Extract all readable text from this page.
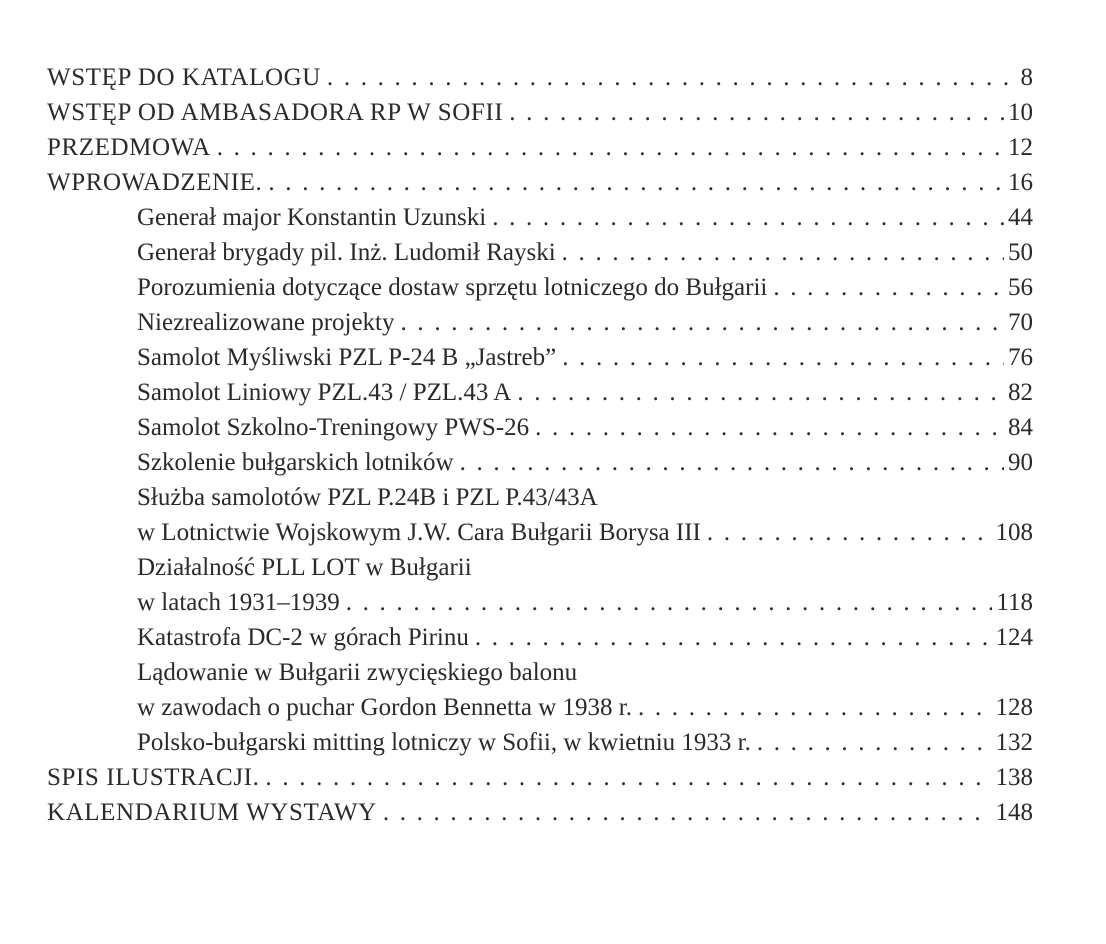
WSTĘP DO KATALOGU . . .	8
WSTĘP OD AMBASADORA RP W SOFII . . .	10
PRZEDMOWA . . .	12
WPROWADZENIE. . . .	16
Generał major Konstantin Uzunski . . .	44
Generał brygady pil. Inż. Ludomił Rayski . . .	50
Porozumienia dotyczące dostaw sprzętu lotniczego do Bułgarii . . .	56
Niezrealizowane projekty . . .	70
Samolot Myśliwski PZL P-24 B „Jastreb” . . .	76
Samolot Liniowy PZL.43 / PZL.43 A . . .	82
Samolot Szkolno-Treningowy PWS-26 . . .	84
Szkolenie bułgarskich lotników . . .	90
Służba samolotów PZL P.24B i PZL P.43/43A
w Lotnictwie Wojskowym J.W. Cara Bułgarii Borysa III . . .	108
Działalność PLL LOT w Bułgarii
w latach 1931–1939 . . .	118
Katastrofa DC-2 w górach Pirinu . . .	124
Lądowanie w Bułgarii zwycięskiego balonu
w zawodach o puchar Gordon Bennetta w 1938 r. . . .	128
Polsko-bułgarski mitting lotniczy w Sofii, w kwietniu 1933 r. . . .	132
SPIS ILUSTRACJI. . . .	138
KALENDARIUM WYSTAWY . . .	148
